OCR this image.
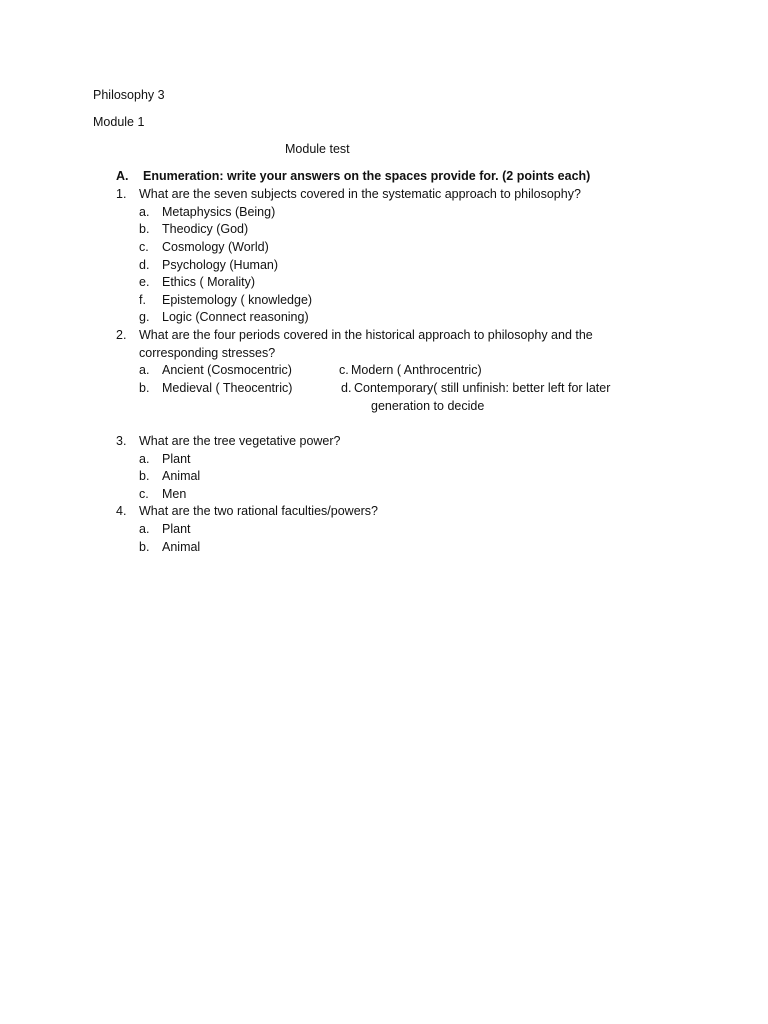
Philosophy 3
Module 1
Module test
A. Enumeration: write your answers on the spaces provide for. (2 points each)
1. What are the seven subjects covered in the systematic approach to philosophy?
a. Metaphysics (Being)
b. Theodicy (God)
c. Cosmology (World)
d. Psychology (Human)
e. Ethics ( Morality)
f. Epistemology ( knowledge)
g. Logic (Connect reasoning)
2. What are the four periods covered in the historical approach to philosophy and the
corresponding stresses?
a. Ancient (Cosmocentric)	c. Modern ( Anthrocentric)
b. Medieval ( Theocentric)	d. Contemporary( still unfinish: better left for later
generation to decide
3. What are the tree vegetative power?
a. Plant
b. Animal
c. Men
4. What are the two rational faculties/powers?
a. Plant
b. Animal
